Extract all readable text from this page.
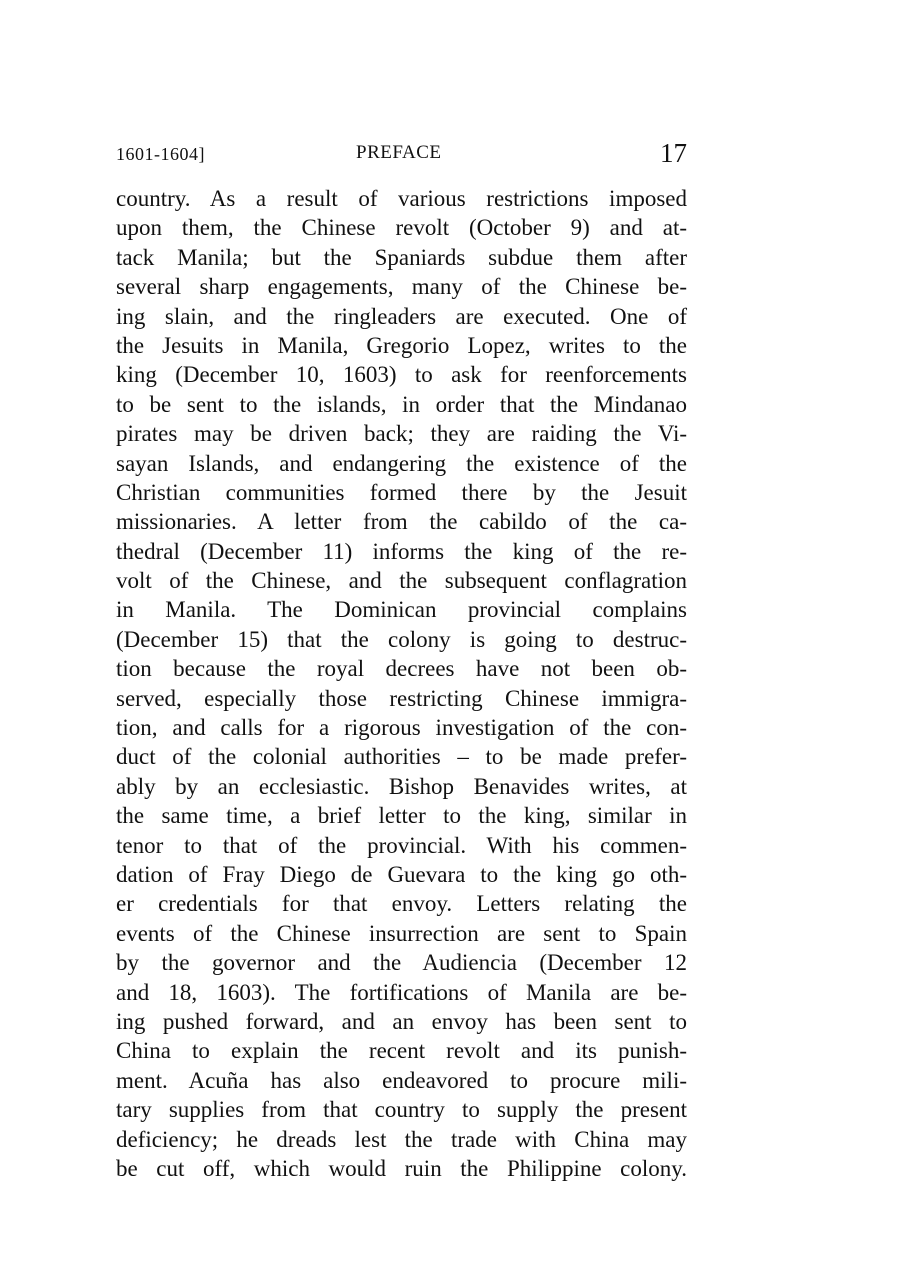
1601-1604]	PREFACE	17
country. As a result of various restrictions imposed
upon them, the Chinese revolt (October 9) and at-
tack Manila; but the Spaniards subdue them after
several sharp engagements, many of the Chinese be-
ing slain, and the ringleaders are executed. One of
the Jesuits in Manila, Gregorio Lopez, writes to the
king (December 10, 1603) to ask for reenforcements
to be sent to the islands, in order that the Mindanao
pirates may be driven back; they are raiding the Vi-
sayan Islands, and endangering the existence of the
Christian communities formed there by the Jesuit
missionaries. A letter from the cabildo of the ca-
thedral (December 11) informs the king of the re-
volt of the Chinese, and the subsequent conflagration
in Manila. The Dominican provincial complains
(December 15) that the colony is going to destruc-
tion because the royal decrees have not been ob-
served, especially those restricting Chinese immigra-
tion, and calls for a rigorous investigation of the con-
duct of the colonial authorities – to be made prefer-
ably by an ecclesiastic. Bishop Benavides writes, at
the same time, a brief letter to the king, similar in
tenor to that of the provincial. With his commen-
dation of Fray Diego de Guevara to the king go oth-
er credentials for that envoy. Letters relating the
events of the Chinese insurrection are sent to Spain
by the governor and the Audiencia (December 12
and 18, 1603). The fortifications of Manila are be-
ing pushed forward, and an envoy has been sent to
China to explain the recent revolt and its punish-
ment. Acuña has also endeavored to procure mili-
tary supplies from that country to supply the present
deficiency; he dreads lest the trade with China may
be cut off, which would ruin the Philippine colony.
